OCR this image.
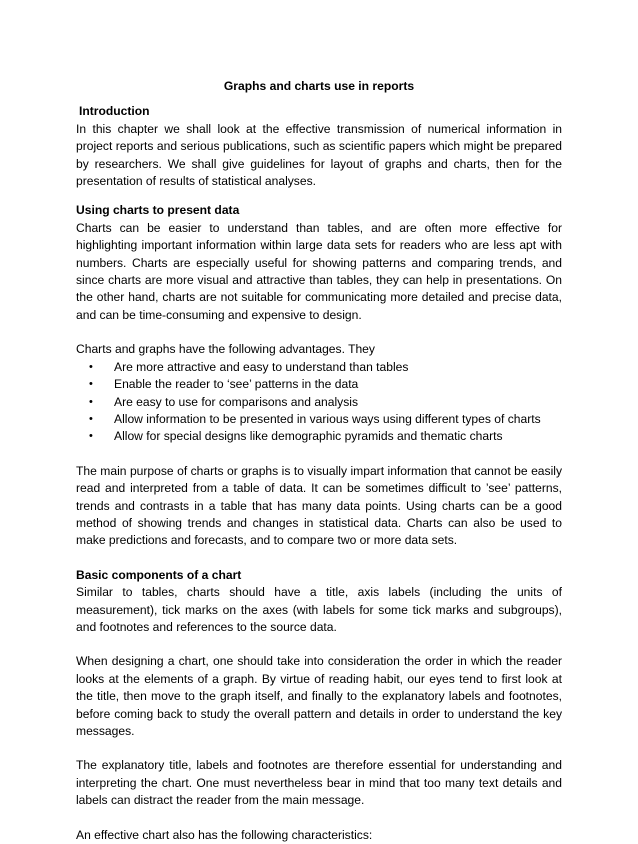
Graphs and charts use in reports
Introduction

In this chapter we shall look at the effective transmission of numerical information in project reports and serious publications, such as scientific papers which might be prepared by researchers. We shall give guidelines for layout of graphs and charts, then for the presentation of results of statistical analyses.

Using charts to present data

Charts can be easier to understand than tables, and are often more effective for highlighting important information within large data sets for readers who are less apt with numbers. Charts are especially useful for showing patterns and comparing trends, and since charts are more visual and attractive than tables, they can help in presentations. On the other hand, charts are not suitable for communicating more detailed and precise data, and can be time-consuming and expensive to design.

Charts and graphs have the following advantages. They

• Are more attractive and easy to understand than tables
• Enable the reader to ‘see’ patterns in the data
• Are easy to use for comparisons and analysis
• Allow information to be presented in various ways using different types of charts
• Allow for special designs like demographic pyramids and thematic charts

The main purpose of charts or graphs is to visually impart information that cannot be easily read and interpreted from a table of data. It can be sometimes difficult to ’see’ patterns, trends and contrasts in a table that has many data points. Using charts can be a good method of showing trends and changes in statistical data. Charts can also be used to make predictions and forecasts, and to compare two or more data sets.

Basic components of a chart

Similar to tables, charts should have a title, axis labels (including the units of measurement), tick marks on the axes (with labels for some tick marks and subgroups), and footnotes and references to the source data.

When designing a chart, one should take into consideration the order in which the reader looks at the elements of a graph. By virtue of reading habit, our eyes tend to first look at the title, then move to the graph itself, and finally to the explanatory labels and footnotes, before coming back to study the overall pattern and details in order to understand the key messages.

The explanatory title, labels and footnotes are therefore essential for understanding and interpreting the chart. One must nevertheless bear in mind that too many text details and labels can distract the reader from the main message.

An effective chart also has the following characteristics:
